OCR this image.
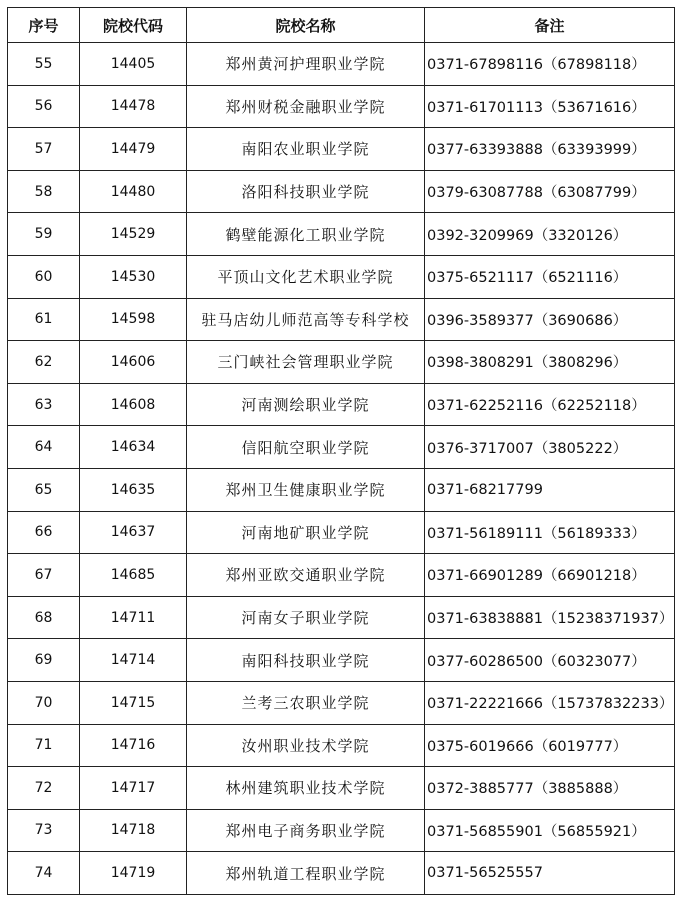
序号	院校代码	院校名称	备注
55	14405	郑州黄河护理职业学院	0371-67898116（67898118）
56	14478	郑州财税金融职业学院	0371-61701113（53671616）
57	14479	南阳农业职业学院	0377-63393888（63393999）
58	14480	洛阳科技职业学院	0379-63087788（63087799）
59	14529	鹤壁能源化工职业学院	0392-3209969（3320126）
60	14530	平顶山文化艺术职业学院	0375-6521117（6521116）
61	14598	驻马店幼儿师范高等专科学校	0396-3589377（3690686）
62	14606	三门峡社会管理职业学院	0398-3808291（3808296）
63	14608	河南测绘职业学院	0371-62252116（62252118）
64	14634	信阳航空职业学院	0376-3717007（3805222）
65	14635	郑州卫生健康职业学院	0371-68217799
66	14637	河南地矿职业学院	0371-56189111（56189333）
67	14685	郑州亚欧交通职业学院	0371-66901289（66901218）
68	14711	河南女子职业学院	0371-63838881（15238371937）
69	14714	南阳科技职业学院	0377-60286500（60323077）
70	14715	兰考三农职业学院	0371-22221666（15737832233）
71	14716	汝州职业技术学院	0375-6019666（6019777）
72	14717	林州建筑职业技术学院	0372-3885777（3885888）
73	14718	郑州电子商务职业学院	0371-56855901（56855921）
74	14719	郑州轨道工程职业学院	0371-56525557
